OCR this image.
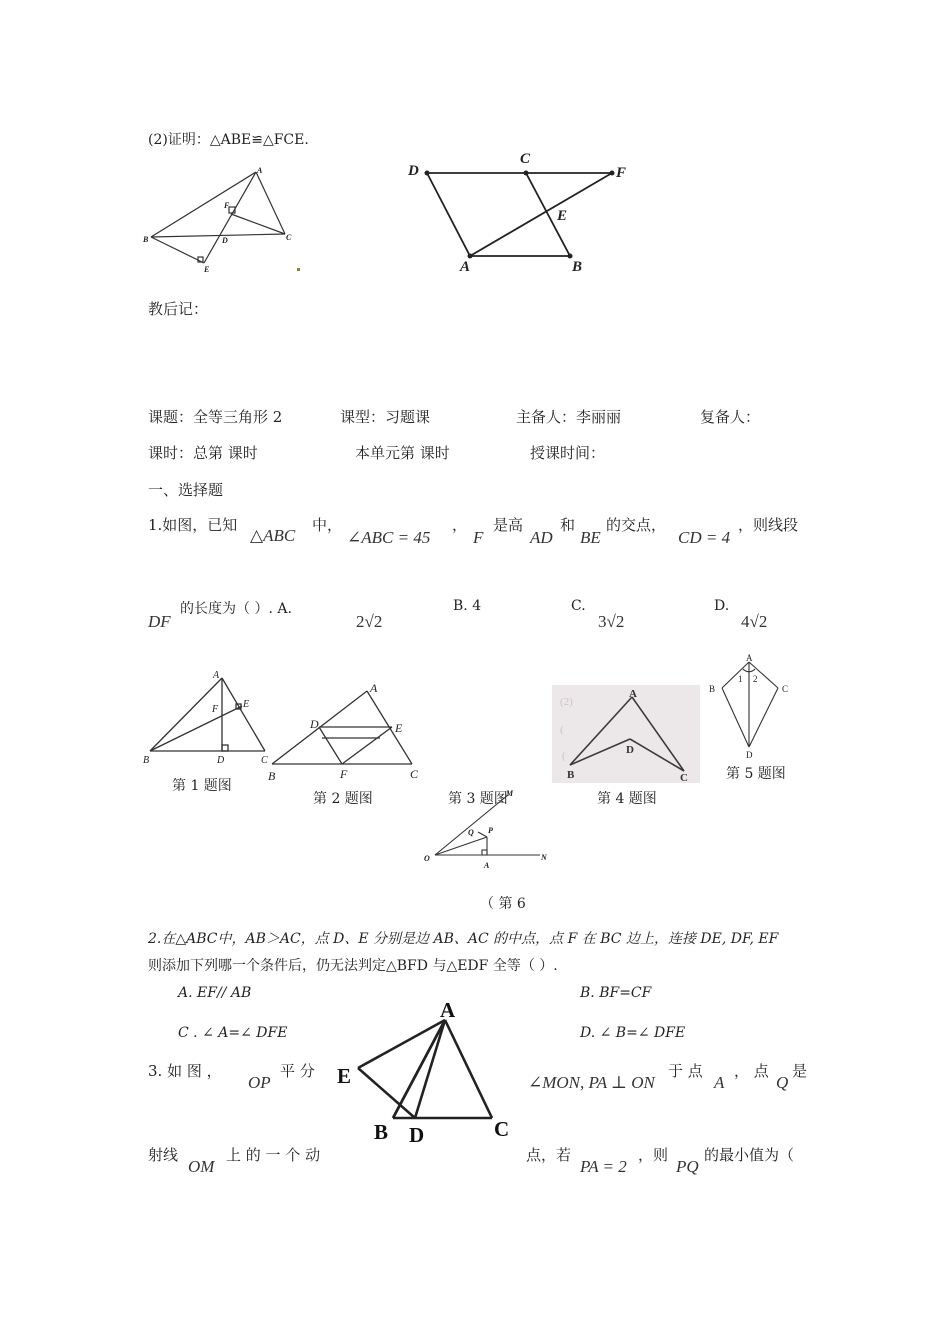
(2)证明：△ABE≌△FCE.
A
F
B	D	C
E
D
C
F
E
A	B
教后记：
课题：全等三角形 2	课型：习题课	主备人：李丽丽	复备人：
课时：总第 课时	本单元第 课时	授课时间：
一、选择题
1.如图，已知
△ABC
中，
∠ABC = 45
，
F
是高
AD
和
BE
的交点，
CD = 4
，则线段
DF
的长度为（ ）. A.
2√2
B. 4	C.
3√2
D.
4√2
A
E
F
B	D	C
第 1 题图
A
D	E
B	F	C
第 2 题图	第 3 题图
(2)
(
(
A
D
B	C
第 4 题图
A
B	C
D
1 2
第 5 题图
M
P
Q
O
A
N
（ 第 6
2.在△ABC中，AB＞AC，点 D、E 分别是边 AB、AC 的中点，点 F 在 BC 边上，连接 DE, DF, EF
则添加下列哪一个条件后，仍无法判定△BFD 与△EDF 全等（ ）.
A. EF// AB	B. BF=CF
C . ∠ A=∠ DFE	D. ∠ B=∠ DFE
A
E
B D	C
3. 如 图 ，
OP
平 分
∠MON, PA ⊥ ON
于 点
A
， 点
Q
是
射线
OM
上 的 一 个 动	点，若
PA = 2
，则
PQ
的最小值为（
